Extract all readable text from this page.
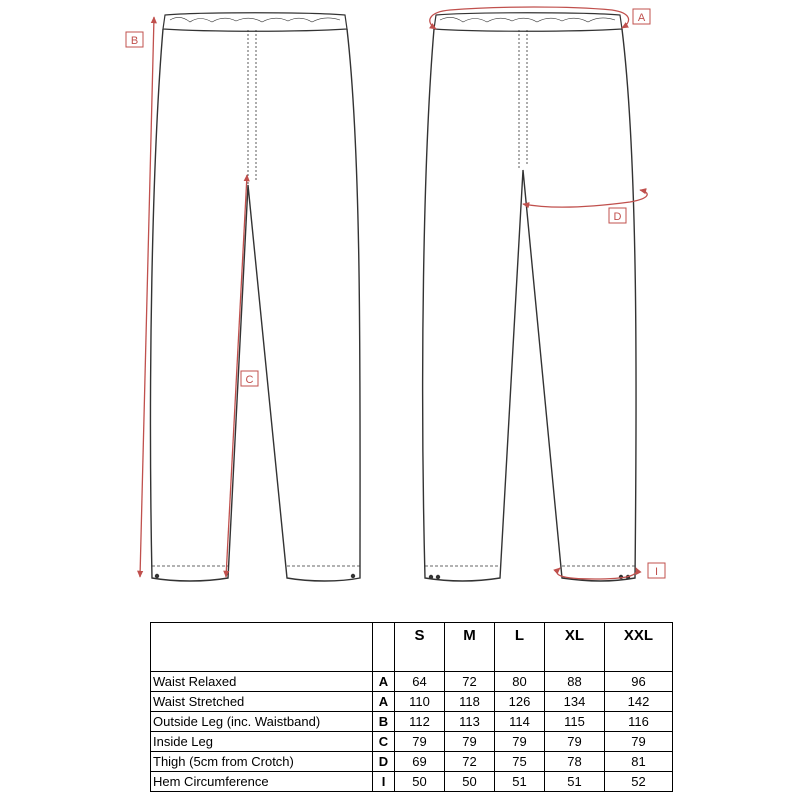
B
C
A
D
I
		S	M	L	XL	XXL

Waist Relaxed	A	64	72	80	88	96
Waist Stretched	A	110	118	126	134	142
Outside Leg (inc. Waistband)	B	112	113	114	115	116
Inside Leg	C	79	79	79	79	79
Thigh (5cm from Crotch)	D	69	72	75	78	81
Hem Circumference	I	50	50	51	51	52
